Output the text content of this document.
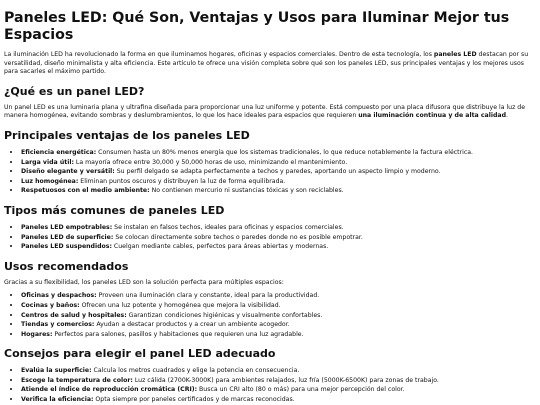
Paneles LED: Qué Son, Ventajas y Usos para Iluminar Mejor tus Espacios

La iluminación LED ha revolucionado la forma en que iluminamos hogares, oficinas y espacios comerciales. Dentro de esta tecnología, los paneles LED destacan por su versatilidad, diseño minimalista y alta eficiencia. Este artículo te ofrece una visión completa sobre qué son los paneles LED, sus principales ventajas y los mejores usos para sacarles el máximo partido.

¿Qué es un panel LED?

Un panel LED es una luminaria plana y ultrafina diseñada para proporcionar una luz uniforme y potente. Está compuesto por una placa difusora que distribuye la luz de manera homogénea, evitando sombras y deslumbramientos, lo que los hace ideales para espacios que requieren una iluminación continua y de alta calidad.

Principales ventajas de los paneles LED
• Eficiencia energética: Consumen hasta un 80% menos energía que los sistemas tradicionales, lo que reduce notablemente la factura eléctrica.
• Larga vida útil: La mayoría ofrece entre 30,000 y 50,000 horas de uso, minimizando el mantenimiento.
• Diseño elegante y versátil: Su perfil delgado se adapta perfectamente a techos y paredes, aportando un aspecto limpio y moderno.
• Luz homogénea: Eliminan puntos oscuros y distribuyen la luz de forma equilibrada.
• Respetuosos con el medio ambiente: No contienen mercurio ni sustancias tóxicas y son reciclables.
Tipos más comunes de paneles LED
• Paneles LED empotrables: Se instalan en falsos techos, ideales para oficinas y espacios comerciales.
• Paneles LED de superficie: Se colocan directamente sobre techos o paredes donde no es posible empotrar.
• Paneles LED suspendidos: Cuelgan mediante cables, perfectos para áreas abiertas y modernas.
Usos recomendados

Gracias a su flexibilidad, los paneles LED son la solución perfecta para múltiples espacios:

• Oficinas y despachos: Proveen una iluminación clara y constante, ideal para la productividad.
• Cocinas y baños: Ofrecen una luz potente y homogénea que mejora la visibilidad.
• Centros de salud y hospitales: Garantizan condiciones higiénicas y visualmente confortables.
• Tiendas y comercios: Ayudan a destacar productos y a crear un ambiente acogedor.
• Hogares: Perfectos para salones, pasillos y habitaciones que requieren una luz agradable.
Consejos para elegir el panel LED adecuado
• Evalúa la superficie: Calcula los metros cuadrados y elige la potencia en consecuencia.
• Escoge la temperatura de color: Luz cálida (2700K-3000K) para ambientes relajados, luz fría (5000K-6500K) para zonas de trabajo.
• Atiende el índice de reproducción cromática (CRI): Busca un CRI alto (80 o más) para una mejor percepción del color.
• Verifica la eficiencia: Opta siempre por paneles certificados y de marcas reconocidas.
